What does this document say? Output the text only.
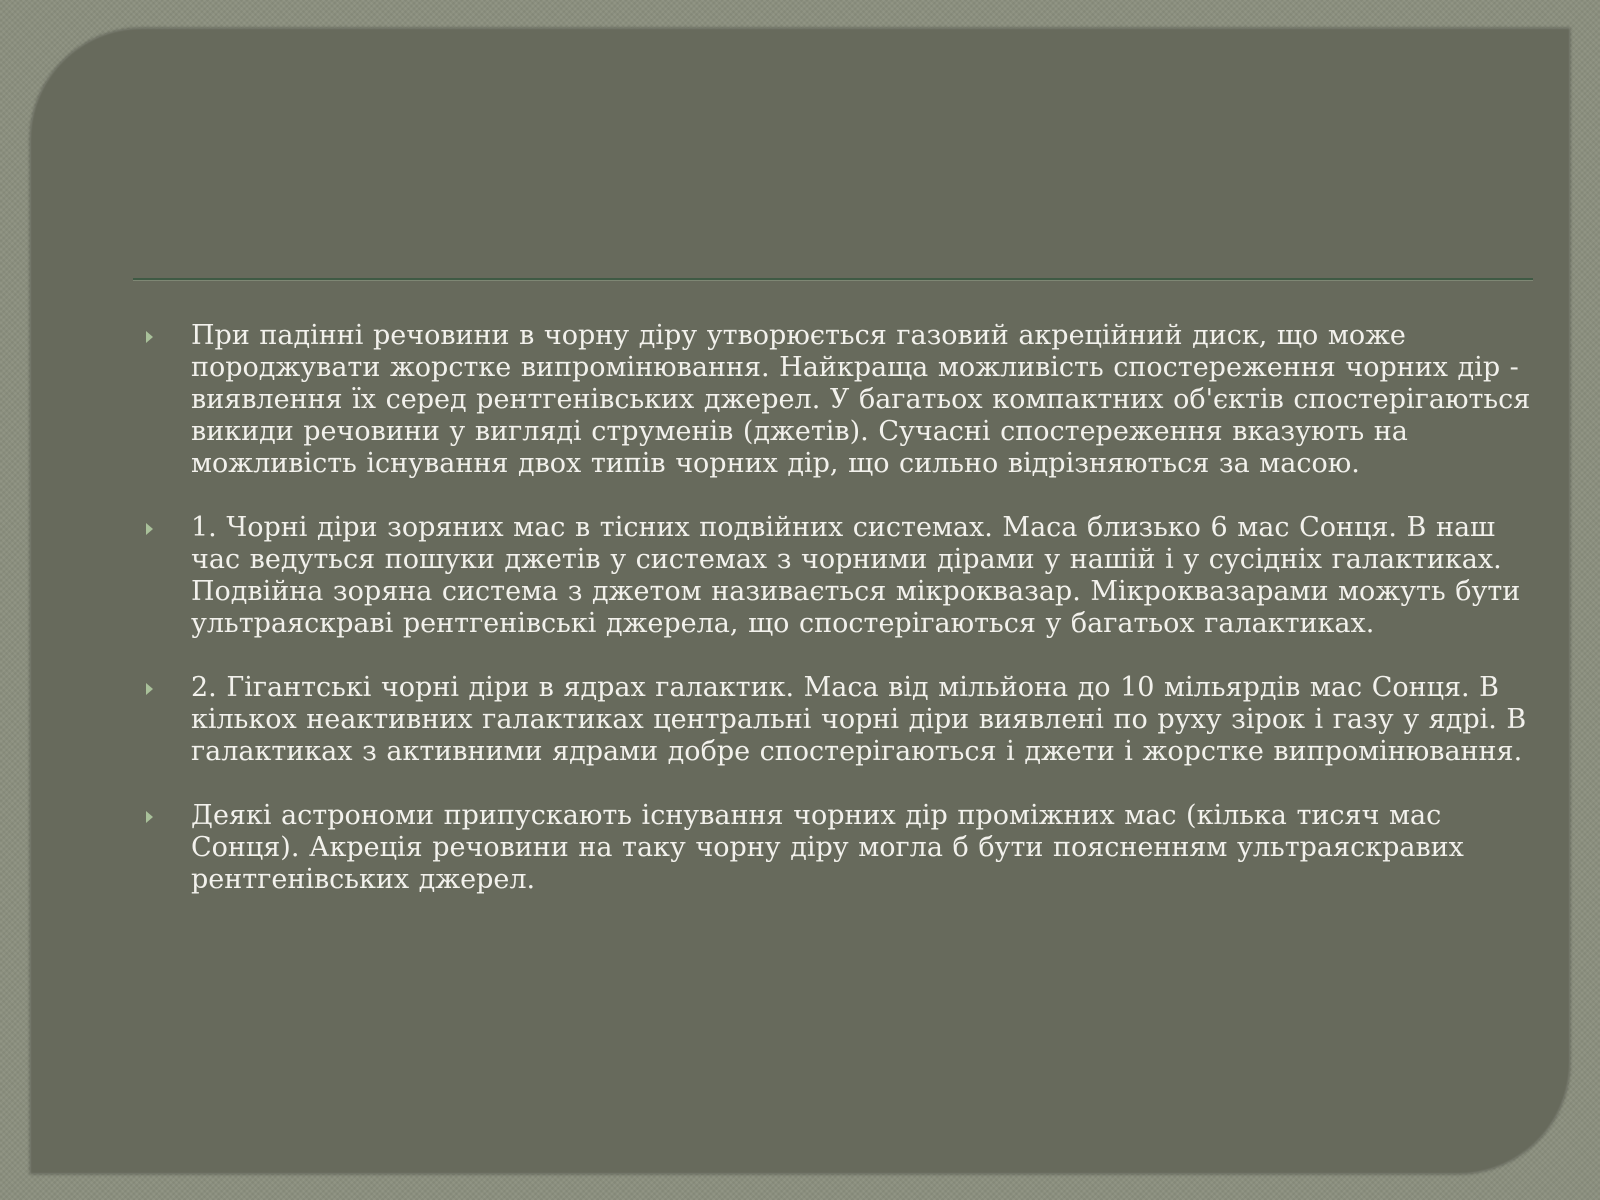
При падінні речовини в чорну діру утворюється газовий акреційний диск, що може породжувати жорстке випромінювання. Найкраща можливість спостереження чорних дір - виявлення їх серед рентгенівських джерел. У багатьох компактних об'єктів спостерігаються викиди речовини у вигляді струменів (джетів). Сучасні спостереження вказують на можливість існування двох типів чорних дір, що сильно відрізняються за масою.
1. Чорні діри зоряних мас в тісних подвійних системах. Маса близько 6 мас Сонця. В наш час ведуться пошуки джетів у системах з чорними дірами у нашій і у сусідніх галактиках. Подвійна зоряна система з джетом називається мікроквазар. Мікроквазарами можуть бути ультраяскраві рентгенівські джерела, що спостерігаються у багатьох галактиках.
2. Гігантські чорні діри в ядрах галактик. Маса від мільйона до 10 мільярдів мас Сонця. В кількох неактивних галактиках центральні чорні діри виявлені по руху зірок і газу у ядрі. В галактиках з активними ядрами добре спостерігаються і джети і жорстке випромінювання.
Деякі астрономи припускають існування чорних дір проміжних мас (кілька тисяч мас Сонця). Акреція речовини на таку чорну діру могла б бути поясненням ультраяскравих рентгенівських джерел.
